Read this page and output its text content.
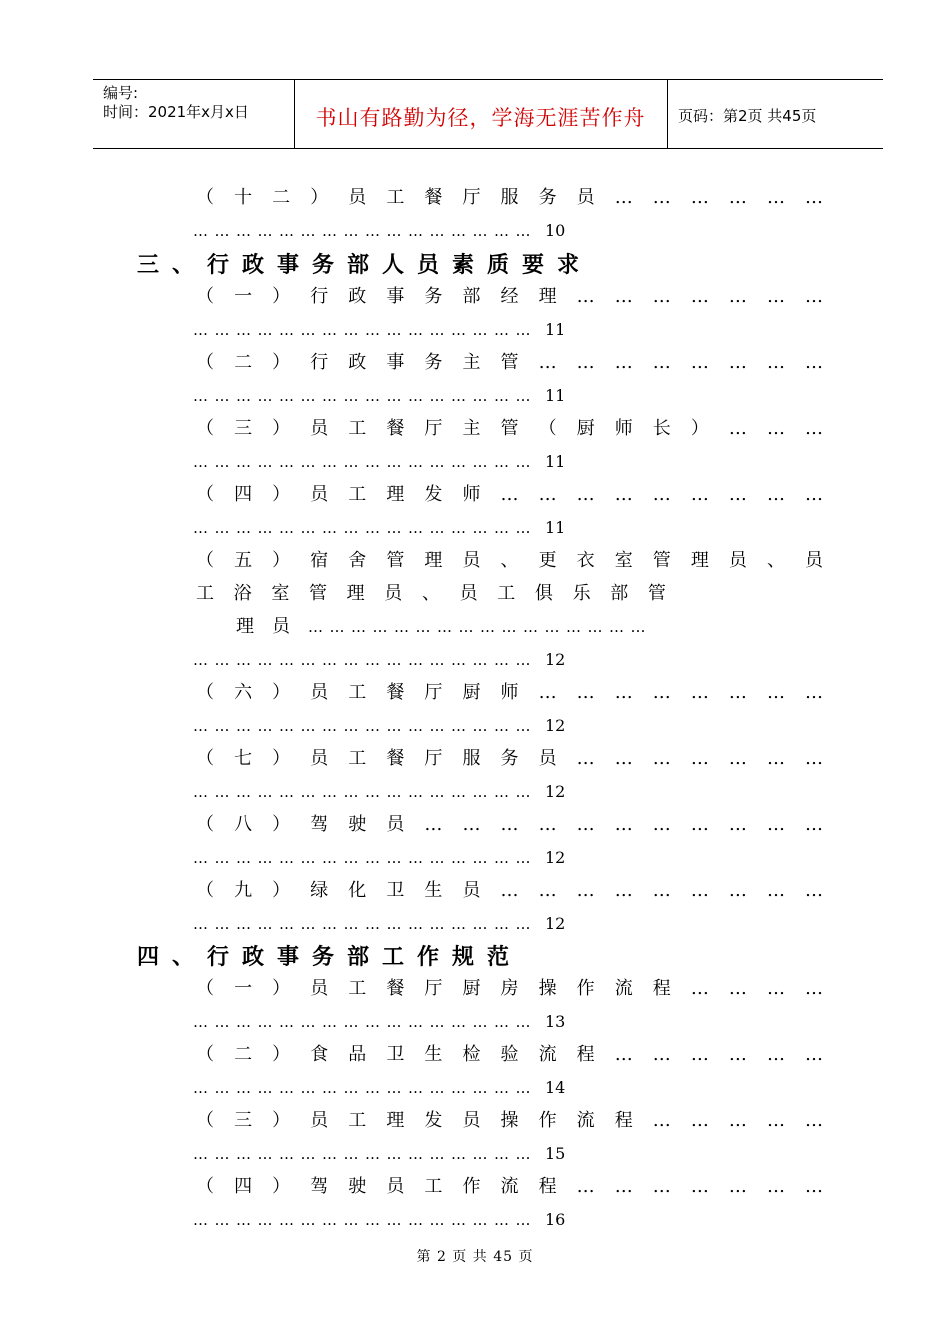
编号:
时间：2021年x月x日	书山有路勤为径，学海无涯苦作舟	页码：第2页 共45页
（ 十 二 ） 员 工 餐 厅 服 务 员 … … … … … …
………………………………………… 10
三、行政事务部人员素质要求
（ 一 ） 行 政 事 务 部 经 理 … … … … … … …
………………………………………… 11
（ 二 ） 行 政 事 务 主 管 … … … … … … … …
………………………………………… 11
（ 三 ） 员 工 餐 厅 主 管 （ 厨 师 长 ） … … …
………………………………………… 11
（ 四 ） 员 工 理 发 师 … … … … … … … … …
………………………………………… 11
（ 五 ） 宿 舍 管 理 员 、 更 衣 室 管 理 员 、 员
工 浴 室 管 理 员 、 员 工 俱 乐 部 管
理员 …………………………………………
………………………………………… 12
（ 六 ） 员 工 餐 厅 厨 师 … … … … … … … …
………………………………………… 12
（ 七 ） 员 工 餐 厅 服 务 员 … … … … … … …
………………………………………… 12
（ 八 ） 驾 驶 员 … … … … … … … … … … …
………………………………………… 12
（ 九 ） 绿 化 卫 生 员 … … … … … … … … …
………………………………………… 12
四、行政事务部工作规范
（ 一 ） 员 工 餐 厅 厨 房 操 作 流 程 … … … …
………………………………………… 13
（ 二 ） 食 品 卫 生 检 验 流 程 … … … … … …
………………………………………… 14
（ 三 ） 员 工 理 发 员 操 作 流 程 … … … … …
………………………………………… 15
（ 四 ） 驾 驶 员 工 作 流 程 … … … … … … …
………………………………………… 16
第 2 页 共 45 页
